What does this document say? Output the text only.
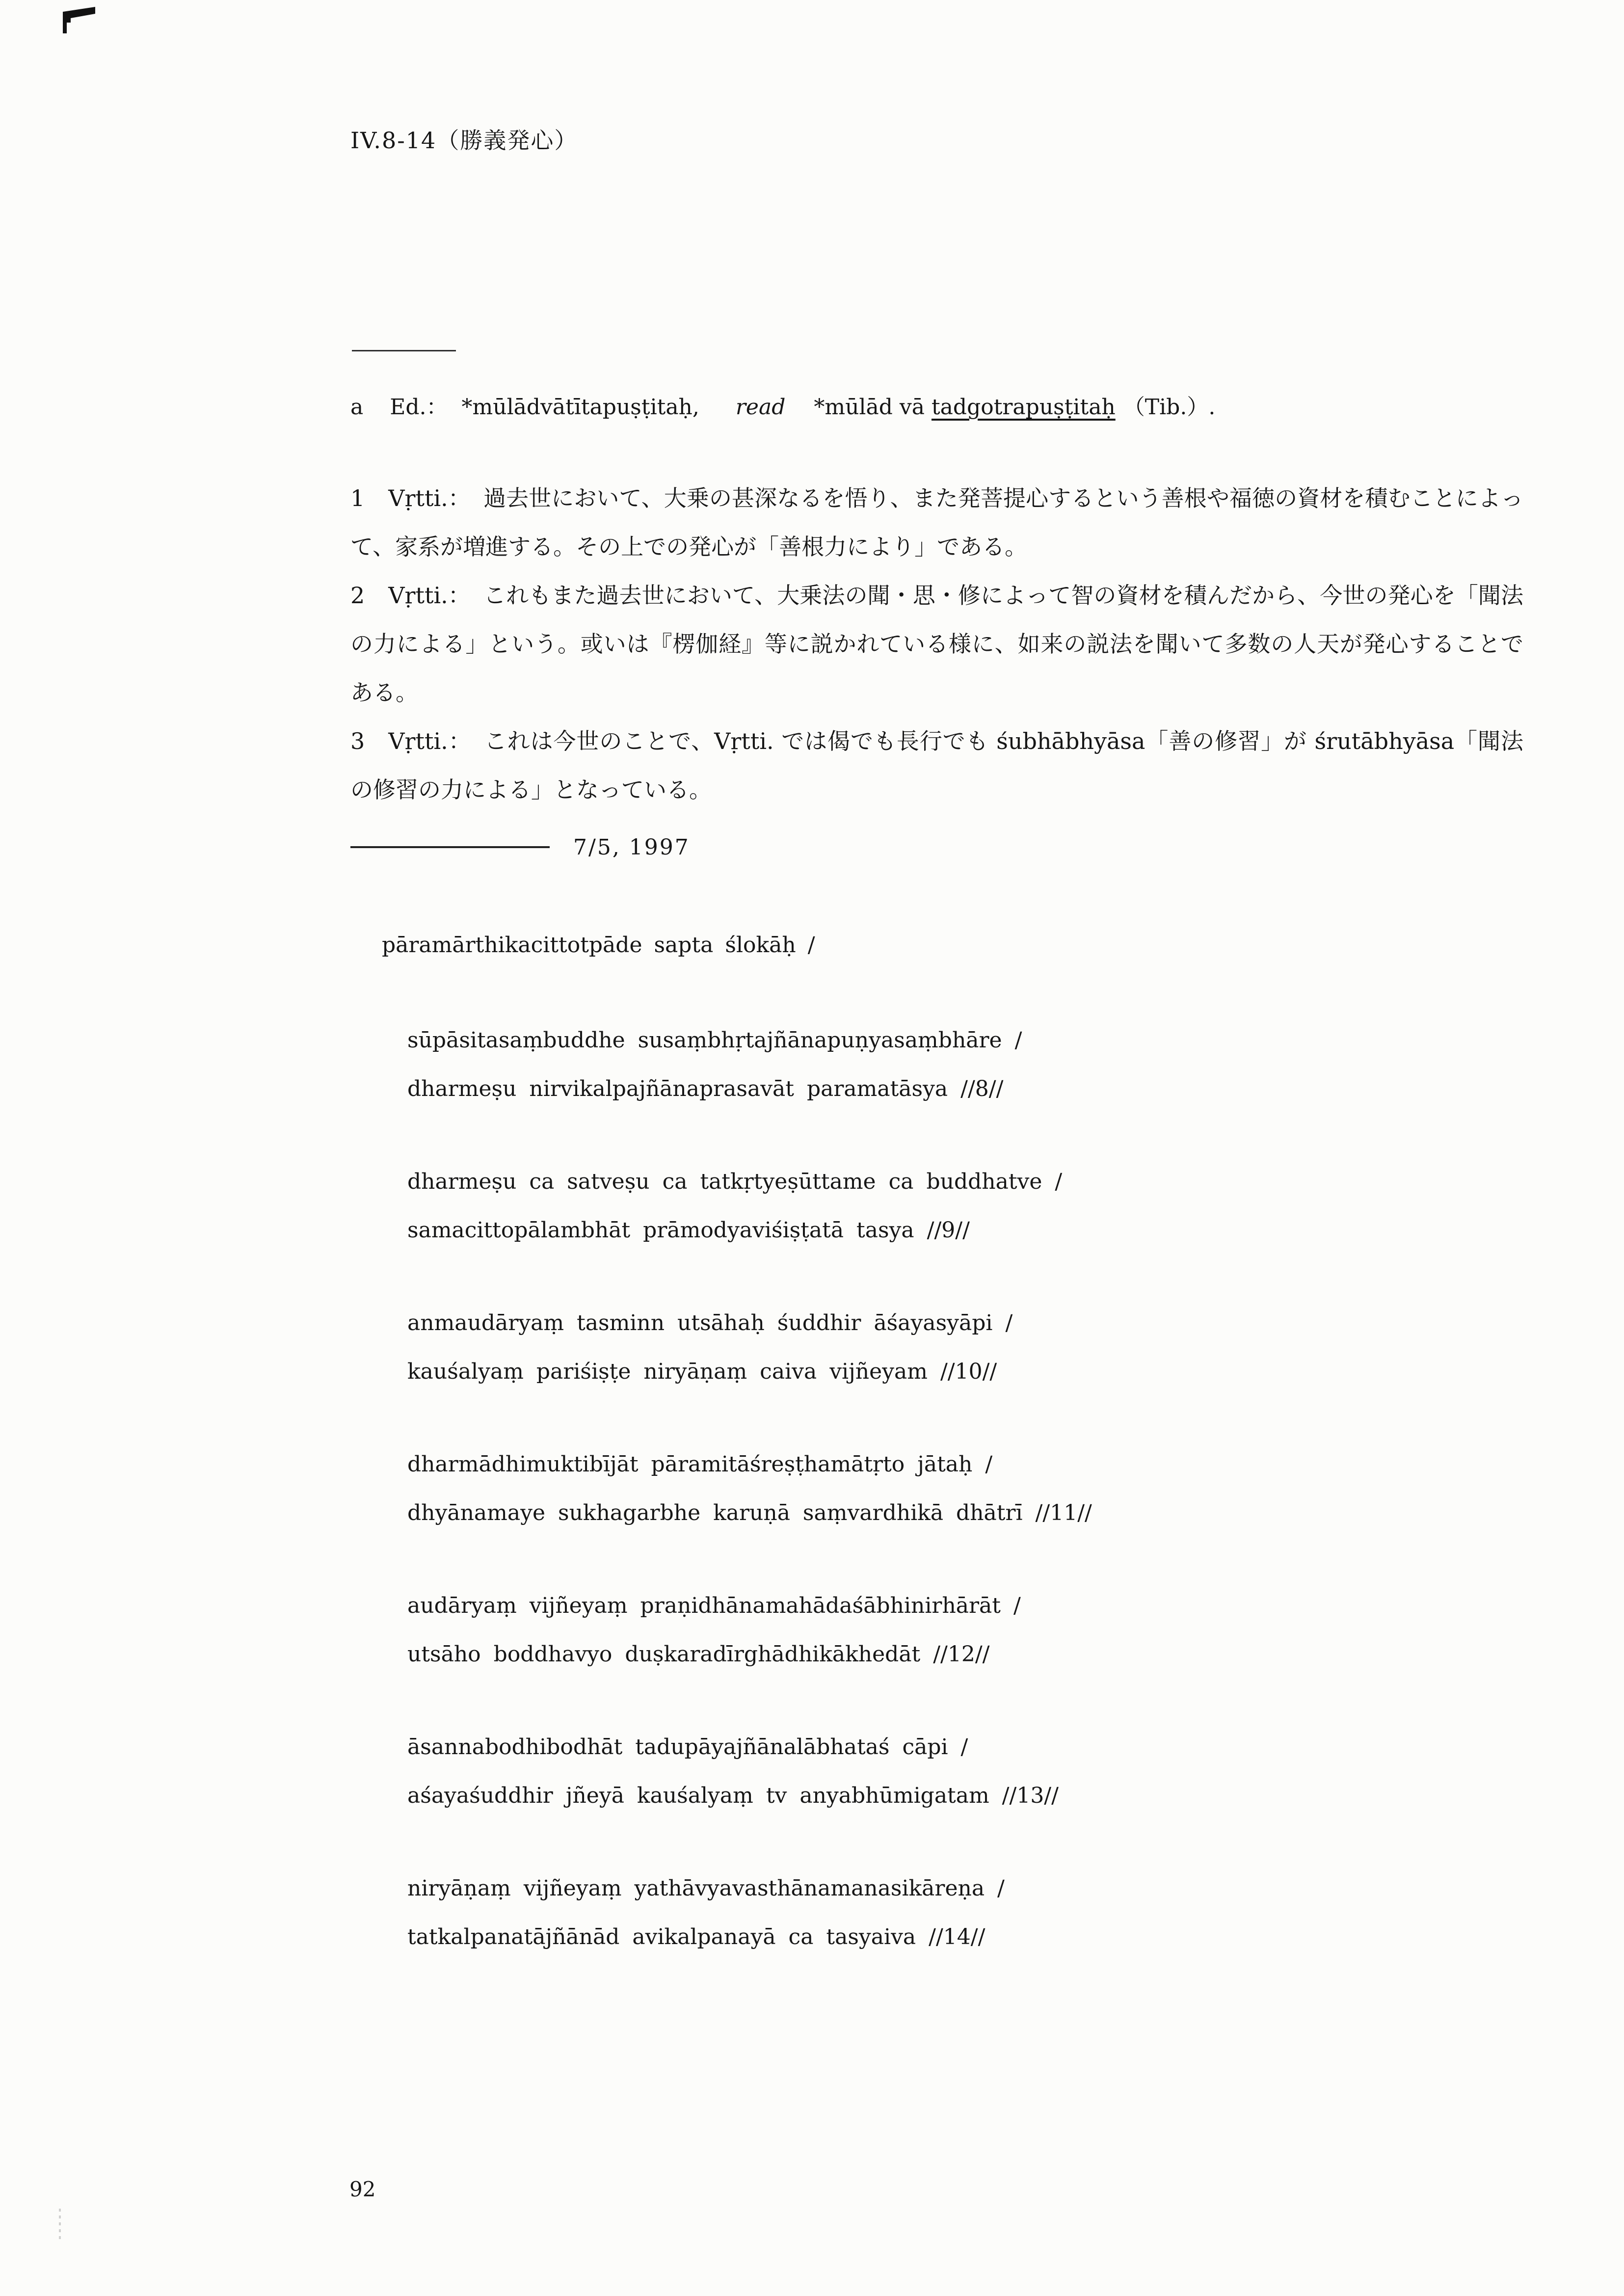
IV.8-14（勝義発心）
a Ed.： *mūlādvātītapuṣṭitaḥ, read *mūlād vā tadgotrapuṣṭitaḥ （Tib.）.

1 Vṛtti.： 過去世において、大乗の甚深なるを悟り、また発菩提心するという善根や福徳の資材を積むことによって、家系が増進する。その上での発心が「善根力により」である。

2 Vṛtti.： これもまた過去世において、大乗法の聞・思・修によって智の資材を積んだから、今世の発心を「聞法の力による」という。或いは『楞伽経』等に説かれている様に、如来の説法を聞いて多数の人天が発心することである。

3 Vṛtti.： これは今世のことで、Vṛtti. では偈でも長行でも śubhābhyāsa「善の修習」が śrutābhyāsa「聞法の修習の力による」となっている。

7/5, 1997
pāramārthikacittotpāde sapta ślokāḥ /
sūpāsitasaṃbuddhe susaṃbhṛtajñānapuṇyasaṃbhāre /
dharmeṣu nirvikalpajñānaprasavāt paramatāsya //8//
dharmeṣu ca satveṣu ca tatkṛtyeṣūttame ca buddhatve /
samacittopālambhāt prāmodyaviśiṣṭatā tasya //9//
anmaudāryaṃ tasminn utsāhaḥ śuddhir āśayasyāpi /
kauśalyaṃ pariśiṣṭe niryāṇaṃ caiva vijñeyam //10//
dharmādhimuktibījāt pāramitāśreṣṭhamātṛto jātaḥ /
dhyānamaye sukhagarbhe karuṇā saṃvardhikā dhātrī //11//
audāryaṃ vijñeyaṃ praṇidhānamahādaśābhinirhārāt /
utsāho boddhavyo duṣkaradīrghādhikākhedāt //12//
āsannabodhibodhāt tadupāyajñānalābhataś cāpi /
aśayaśuddhir jñeyā kauśalyaṃ tv anyabhūmigatam //13//
niryāṇaṃ vijñeyaṃ yathāvyavasthānamanasikāreṇa /
tatkalpanatājñānād avikalpanayā ca tasyaiva //14//
92
